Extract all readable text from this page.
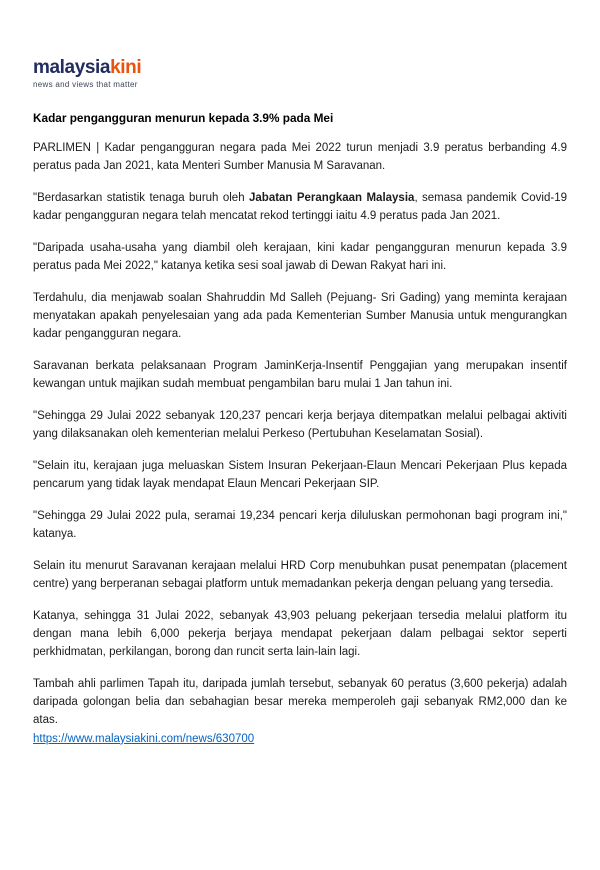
malaysiakini
news and views that matter
Kadar pengangguran menurun kepada 3.9% pada Mei

PARLIMEN | Kadar pengangguran negara pada Mei 2022 turun menjadi 3.9 peratus berbanding 4.9 peratus pada Jan 2021, kata Menteri Sumber Manusia M Saravanan.

"Berdasarkan statistik tenaga buruh oleh Jabatan Perangkaan Malaysia, semasa pandemik Covid-19 kadar pengangguran negara telah mencatat rekod tertinggi iaitu 4.9 peratus pada Jan 2021.

"Daripada usaha-usaha yang diambil oleh kerajaan, kini kadar pengangguran menurun kepada 3.9 peratus pada Mei 2022," katanya ketika sesi soal jawab di Dewan Rakyat hari ini.

Terdahulu, dia menjawab soalan Shahruddin Md Salleh (Pejuang- Sri Gading) yang meminta kerajaan menyatakan apakah penyelesaian yang ada pada Kementerian Sumber Manusia untuk mengurangkan kadar pengangguran negara.

Saravanan berkata pelaksanaan Program JaminKerja-Insentif Penggajian yang merupakan insentif kewangan untuk majikan sudah membuat pengambilan baru mulai 1 Jan tahun ini.

"Sehingga 29 Julai 2022 sebanyak 120,237 pencari kerja berjaya ditempatkan melalui pelbagai aktiviti yang dilaksanakan oleh kementerian melalui Perkeso (Pertubuhan Keselamatan Sosial).

"Selain itu, kerajaan juga meluaskan Sistem Insuran Pekerjaan-Elaun Mencari Pekerjaan Plus kepada pencarum yang tidak layak mendapat Elaun Mencari Pekerjaan SIP.

"Sehingga 29 Julai 2022 pula, seramai 19,234 pencari kerja diluluskan permohonan bagi program ini," katanya.

Selain itu menurut Saravanan kerajaan melalui HRD Corp menubuhkan pusat penempatan (placement centre) yang berperanan sebagai platform untuk memadankan pekerja dengan peluang yang tersedia.

Katanya, sehingga 31 Julai 2022, sebanyak 43,903 peluang pekerjaan tersedia melalui platform itu dengan mana lebih 6,000 pekerja berjaya mendapat pekerjaan dalam pelbagai sektor seperti perkhidmatan, perkilangan, borong dan runcit serta lain-lain lagi.

Tambah ahli parlimen Tapah itu, daripada jumlah tersebut, sebanyak 60 peratus (3,600 pekerja) adalah daripada golongan belia dan sebahagian besar mereka memperoleh gaji sebanyak RM2,000 dan ke atas.

https://www.malaysiakini.com/news/630700
